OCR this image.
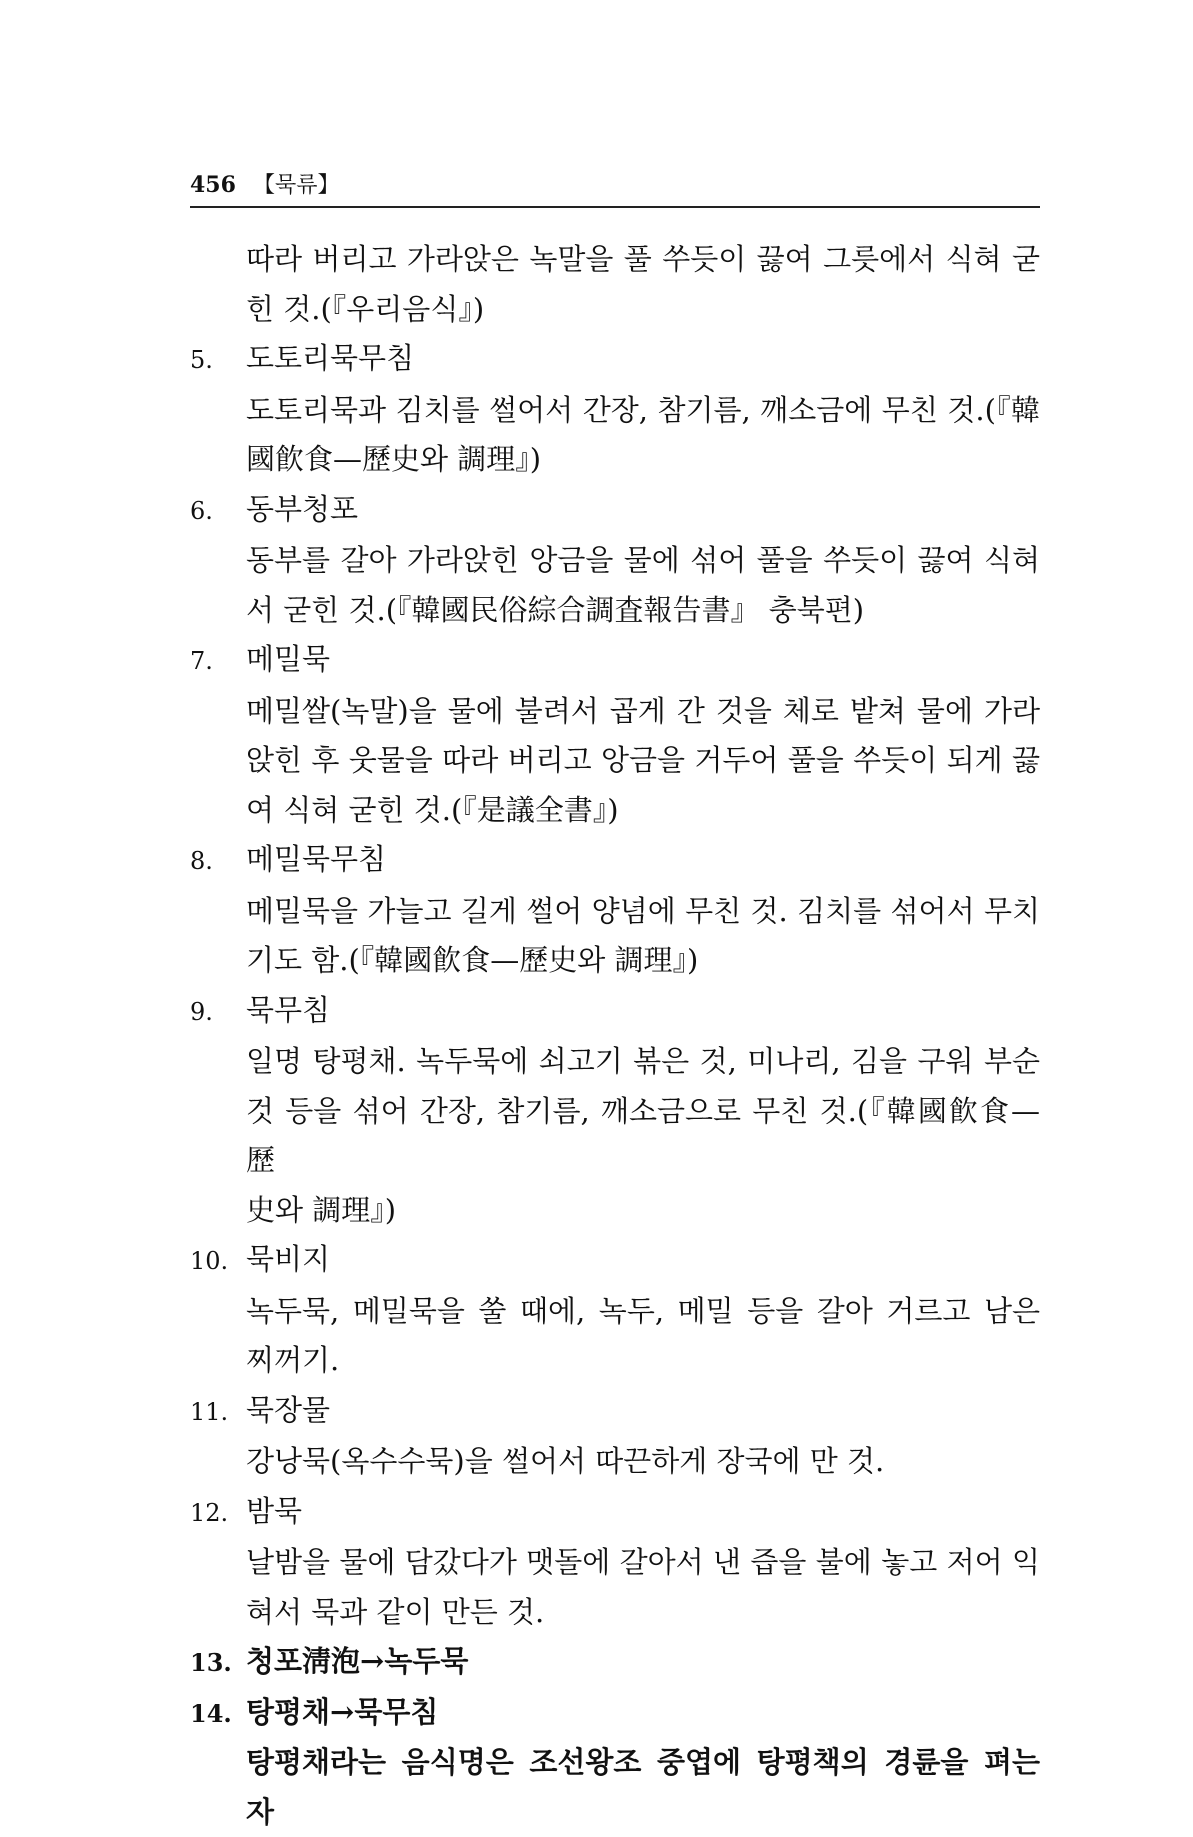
456 【묵류】
따라 버리고 가라앉은 녹말을 풀 쑤듯이 끓여 그릇에서 식혀 굳
힌 것.(『우리음식』)
5. 도토리묵무침
도토리묵과 김치를 썰어서 간장, 참기름, 깨소금에 무친 것.(『韓
國飮食—歷史와 調理』)
6. 동부청포
동부를 갈아 가라앉힌 앙금을 물에 섞어 풀을 쑤듯이 끓여 식혀
서 굳힌 것.(『韓國民俗綜合調査報告書』 충북편)
7. 메밀묵
메밀쌀(녹말)을 물에 불려서 곱게 간 것을 체로 밭쳐 물에 가라
앉힌 후 웃물을 따라 버리고 앙금을 거두어 풀을 쑤듯이 되게 끓
여 식혀 굳힌 것.(『是議全書』)
8. 메밀묵무침
메밀묵을 가늘고 길게 썰어 양념에 무친 것. 김치를 섞어서 무치
기도 함.(『韓國飮食—歷史와 調理』)
9. 묵무침
일명 탕평채. 녹두묵에 쇠고기 볶은 것, 미나리, 김을 구워 부순
것 등을 섞어 간장, 참기름, 깨소금으로 무친 것.(『韓國飮食—歷
史와 調理』)
10. 묵비지
녹두묵, 메밀묵을 쑬 때에, 녹두, 메밀 등을 갈아 거르고 남은
찌꺼기.
11. 묵장물
강낭묵(옥수수묵)을 썰어서 따끈하게 장국에 만 것.
12. 밤묵
날밤을 물에 담갔다가 맷돌에 갈아서 낸 즙을 불에 놓고 저어 익
혀서 묵과 같이 만든 것.
13. 청포淸泡→녹두묵
14. 탕평채→묵무침
탕평채라는 음식명은 조선왕조 중엽에 탕평책의 경륜을 펴는 자
